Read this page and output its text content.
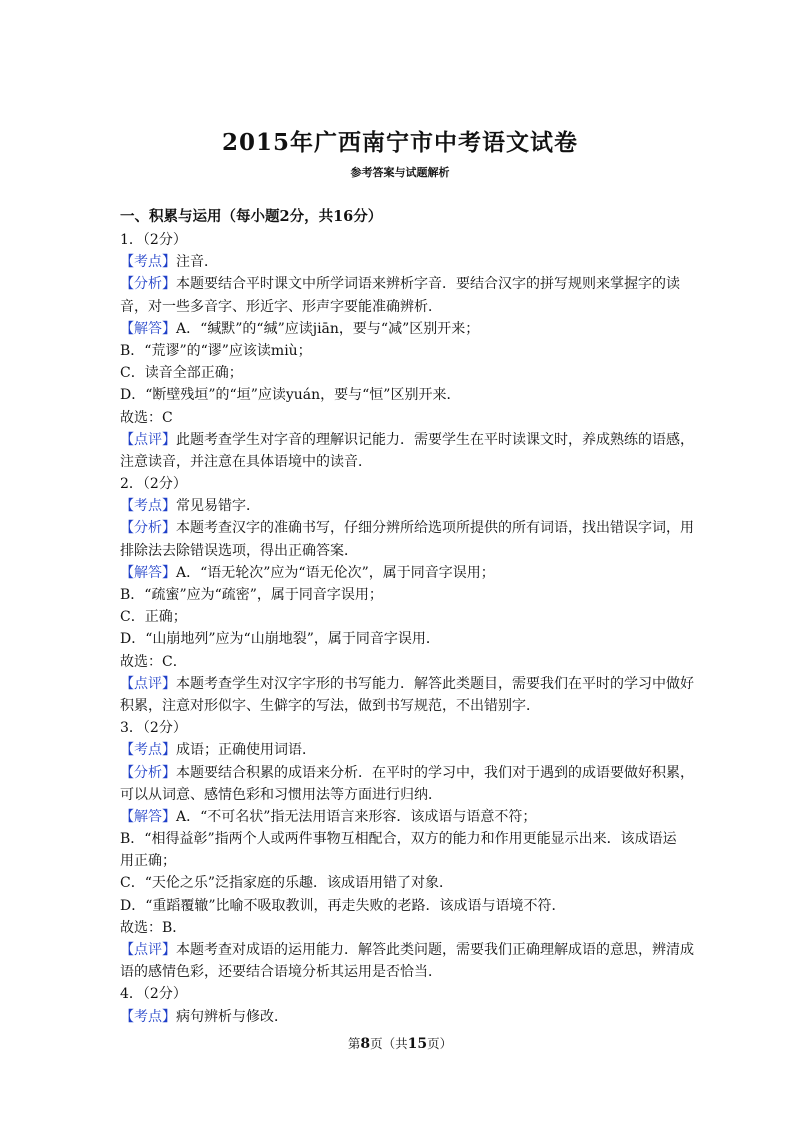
2015年广西南宁市中考语文试卷
参考答案与试题解析
一、积累与运用（每小题2分，共16分）
1．（2分）
【考点】注音．
【分析】本题要结合平时课文中所学词语来辨析字音．要结合汉字的拼写规则来掌握字的读
音，对一些多音字、形近字、形声字要能准确辨析．
【解答】A．“缄默”的“缄”应读jiān，要与“减”区别开来；
B．“荒谬”的“谬”应该读miù；
C．读音全部正确；
D．“断壁残垣”的“垣”应读yuán，要与“恒”区别开来．
故选：C
【点评】此题考查学生对字音的理解识记能力．需要学生在平时读课文时，养成熟练的语感，
注意读音，并注意在具体语境中的读音．
2．（2分）
【考点】常见易错字．
【分析】本题考查汉字的准确书写，仔细分辨所给选项所提供的所有词语，找出错误字词，用
排除法去除错误选项，得出正确答案．
【解答】A．“语无轮次”应为“语无伦次”，属于同音字误用；
B．“疏蜜”应为“疏密”，属于同音字误用；
C．正确；
D．“山崩地列”应为“山崩地裂”，属于同音字误用．
故选：C．
【点评】本题考查学生对汉字字形的书写能力．解答此类题目，需要我们在平时的学习中做好
积累，注意对形似字、生僻字的写法，做到书写规范，不出错别字．
3．（2分）
【考点】成语；正确使用词语．
【分析】本题要结合积累的成语来分析．在平时的学习中，我们对于遇到的成语要做好积累，
可以从词意、感情色彩和习惯用法等方面进行归纳．
【解答】A．“不可名状”指无法用语言来形容．该成语与语意不符；
B．“相得益彰”指两个人或两件事物互相配合，双方的能力和作用更能显示出来．该成语运
用正确；
C．“天伦之乐”泛指家庭的乐趣．该成语用错了对象．
D．“重蹈覆辙”比喻不吸取教训，再走失败的老路．该成语与语境不符．
故选：B．
【点评】本题考查对成语的运用能力．解答此类问题，需要我们正确理解成语的意思，辨清成
语的感情色彩，还要结合语境分析其运用是否恰当．
4．（2分）
【考点】病句辨析与修改．
第8页（共15页）
